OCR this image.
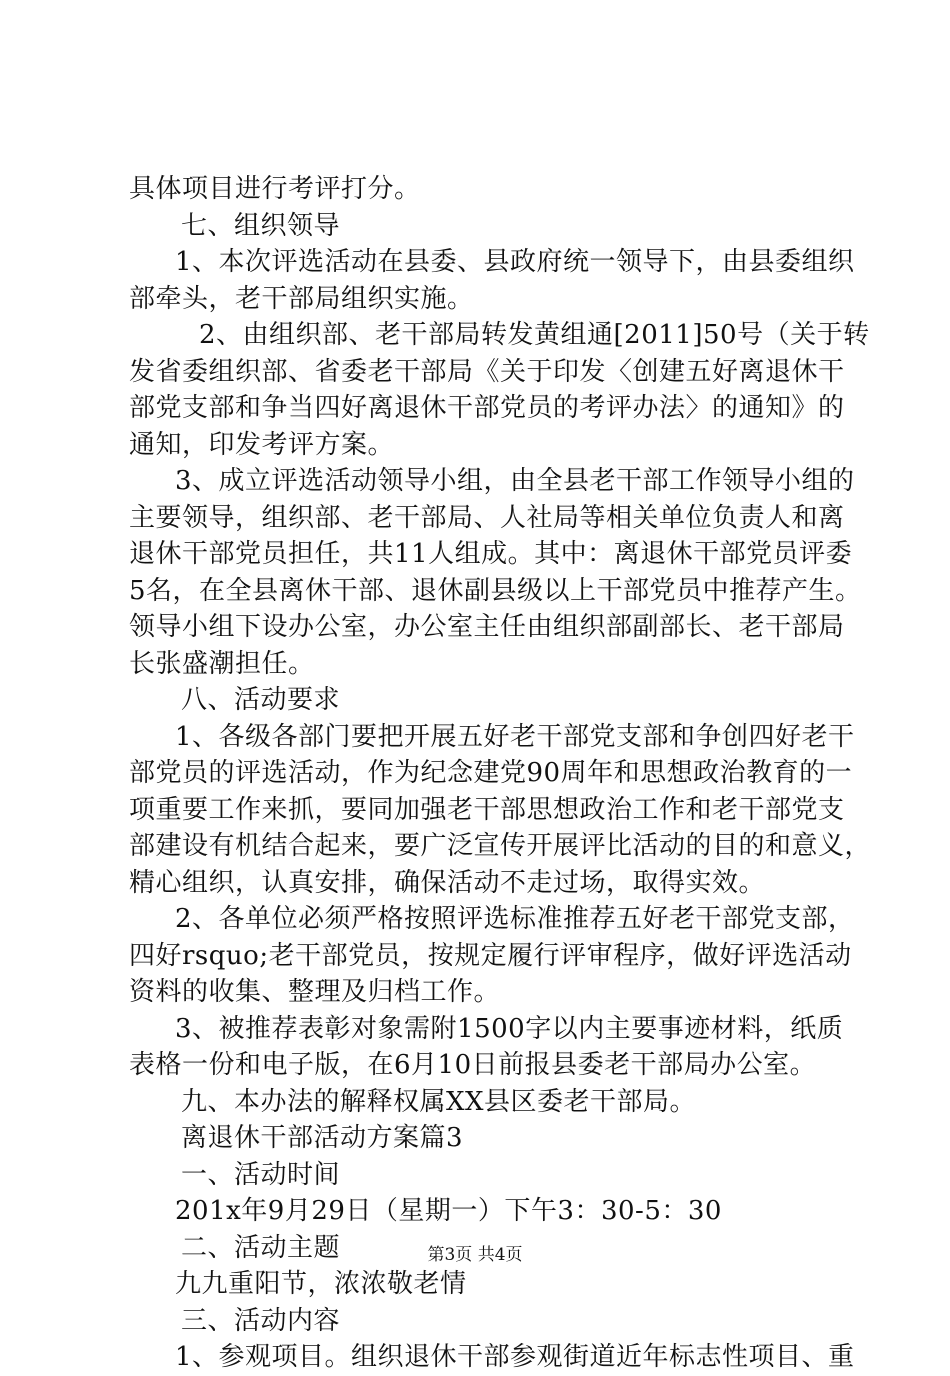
具体项目进行考评打分。
七、组织领导
1、本次评选活动在县委、县政府统一领导下，由县委组织
部牵头，老干部局组织实施。
2、由组织部、老干部局转发黄组通[2011]50号（关于转
发省委组织部、省委老干部局《关于印发〈创建五好离退休干
部党支部和争当四好离退休干部党员的考评办法〉的通知》的
通知，印发考评方案。
3、成立评选活动领导小组，由全县老干部工作领导小组的
主要领导，组织部、老干部局、人社局等相关单位负责人和离
退休干部党员担任，共11人组成。其中：离退休干部党员评委
5名，在全县离休干部、退休副县级以上干部党员中推荐产生。
领导小组下设办公室，办公室主任由组织部副部长、老干部局
长张盛潮担任。
八、活动要求
1、各级各部门要把开展五好老干部党支部和争创四好老干
部党员的评选活动，作为纪念建党90周年和思想政治教育的一
项重要工作来抓，要同加强老干部思想政治工作和老干部党支
部建设有机结合起来，要广泛宣传开展评比活动的目的和意义，
精心组织，认真安排，确保活动不走过场，取得实效。
2、各单位必须严格按照评选标准推荐五好老干部党支部，
四好rsquo;老干部党员，按规定履行评审程序，做好评选活动
资料的收集、整理及归档工作。
3、被推荐表彰对象需附1500字以内主要事迹材料，纸质
表格一份和电子版，在6月10日前报县委老干部局办公室。
九、本办法的解释权属XX县区委老干部局。
离退休干部活动方案篇3
一、活动时间
201x年9月29日（星期一）下午3：30-5：30
二、活动主题
九九重阳节，浓浓敬老情
三、活动内容
1、参观项目。组织退休干部参观街道近年标志性项目、重
第3页 共4页
